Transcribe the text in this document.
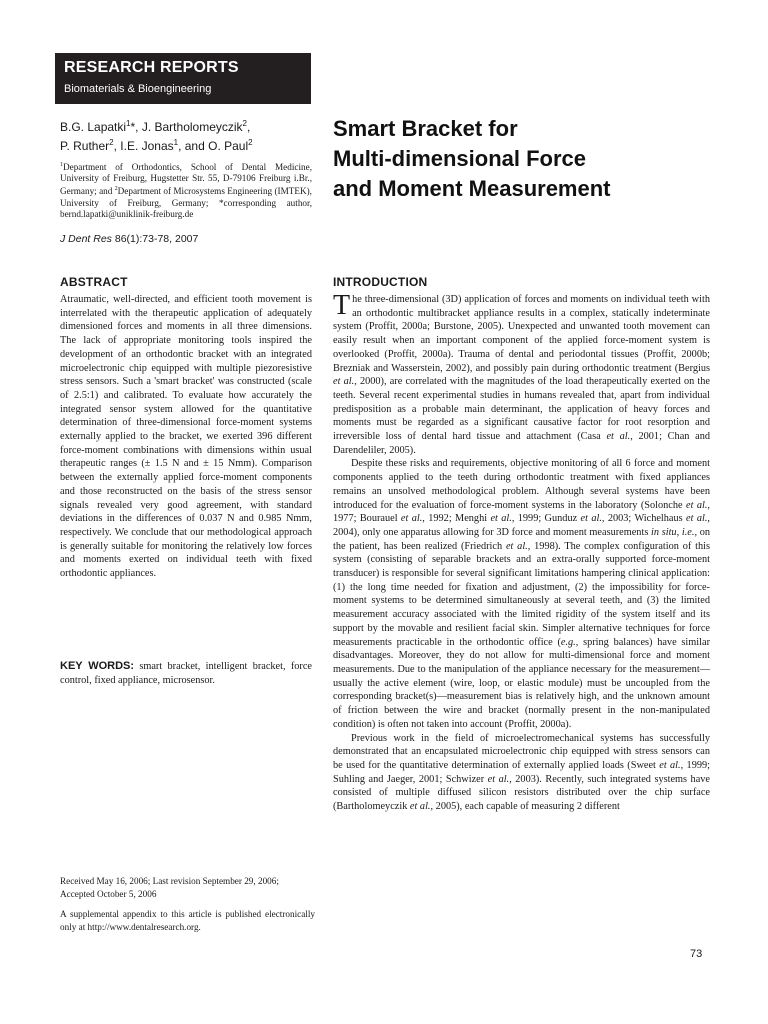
RESEARCH REPORTS
Biomaterials & Bioengineering
B.G. Lapatki$^1$*, J. Bartholomeyczik$^2$,
P. Ruther$^2$, I.E. Jonas$^1$, and O. Paul$^2$
$^1$Department of Orthodontics, School of Dental Medicine, University of Freiburg, Hugstetter Str. 55, D-79106 Freiburg i.Br., Germany; and $^2$Department of Microsystems Engineering (IMTEK), University of Freiburg, Germany; *corresponding author, bernd.lapatki@uniklinik-freiburg.de
J Dent Res 86(1):73-78, 2007
Smart Bracket for
Multi-dimensional Force
and Moment Measurement
ABSTRACT
Atraumatic, well-directed, and efficient tooth movement is interrelated with the therapeutic application of adequately dimensioned forces and moments in all three dimensions. The lack of appropriate monitoring tools inspired the development of an orthodontic bracket with an integrated microelectronic chip equipped with multiple piezoresistive stress sensors. Such a 'smart bracket' was constructed (scale of 2.5:1) and calibrated. To evaluate how accurately the integrated sensor system allowed for the quantitative determination of three-dimensional force-moment systems externally applied to the bracket, we exerted 396 different force-moment combinations with dimensions within usual therapeutic ranges (± 1.5 N and ± 15 Nmm). Comparison between the externally applied force-moment components and those reconstructed on the basis of the stress sensor signals revealed very good agreement, with standard deviations in the differences of 0.037 N and 0.985 Nmm, respectively. We conclude that our methodological approach is generally suitable for monitoring the relatively low forces and moments exerted on individual teeth with fixed orthodontic appliances.
KEY WORDS: smart bracket, intelligent bracket, force control, fixed appliance, microsensor.
Received May 16, 2006; Last revision September 29, 2006; Accepted October 5, 2006
A supplemental appendix to this article is published electronically only at http://www.dentalresearch.org.
INTRODUCTION

The three-dimensional (3D) application of forces and moments on individual teeth with an orthodontic multibracket appliance results in a complex, statically indeterminate system (Proffit, 2000a; Burstone, 2005). Unexpected and unwanted tooth movement can easily result when an important component of the applied force-moment system is overlooked (Proffit, 2000a). Trauma of dental and periodontal tissues (Proffit, 2000b; Brezniak and Wasserstein, 2002), and possibly pain during orthodontic treatment (Bergius et al., 2000), are correlated with the magnitudes of the load therapeutically exerted on the teeth. Several recent experimental studies in humans revealed that, apart from individual predisposition as a probable main determinant, the application of heavy forces and moments must be regarded as a significant causative factor for root resorption and irreversible loss of dental hard tissue and attachment (Casa et al., 2001; Chan and Darendeliler, 2005).

Despite these risks and requirements, objective monitoring of all 6 force and moment components applied to the teeth during orthodontic treatment with fixed appliances remains an unsolved methodological problem. Although several systems have been introduced for the evaluation of force-moment systems in the laboratory (Solonche et al., 1977; Bourauel et al., 1992; Menghi et al., 1999; Gunduz et al., 2003; Wichelhaus et al., 2004), only one apparatus allowing for 3D force and moment measurements in situ, i.e., on the patient, has been realized (Friedrich et al., 1998). The complex configuration of this system (consisting of separable brackets and an extra-orally supported force-moment transducer) is responsible for several significant limitations hampering clinical application: (1) the long time needed for fixation and adjustment, (2) the impossibility for force-moment systems to be determined simultaneously at several teeth, and (3) the limited measurement accuracy associated with the limited rigidity of the system itself and its support by the movable and resilient facial skin. Simpler alternative techniques for force measurements practicable in the orthodontic office (e.g., spring balances) have similar disadvantages. Moreover, they do not allow for multi-dimensional force and moment measurements. Due to the manipulation of the appliance necessary for the measurement—usually the active element (wire, loop, or elastic module) must be uncoupled from the corresponding bracket(s)—measurement bias is relatively high, and the unknown amount of friction between the wire and bracket (normally present in the non-manipulated condition) is often not taken into account (Proffit, 2000a).

Previous work in the field of microelectromechanical systems has successfully demonstrated that an encapsulated microelectronic chip equipped with stress sensors can be used for the quantitative determination of externally applied loads (Sweet et al., 1999; Suhling and Jaeger, 2001; Schwizer et al., 2003). Recently, such integrated systems have consisted of multiple diffused silicon resistors distributed over the chip surface (Bartholomeyczik et al., 2005), each capable of measuring 2 different

73
